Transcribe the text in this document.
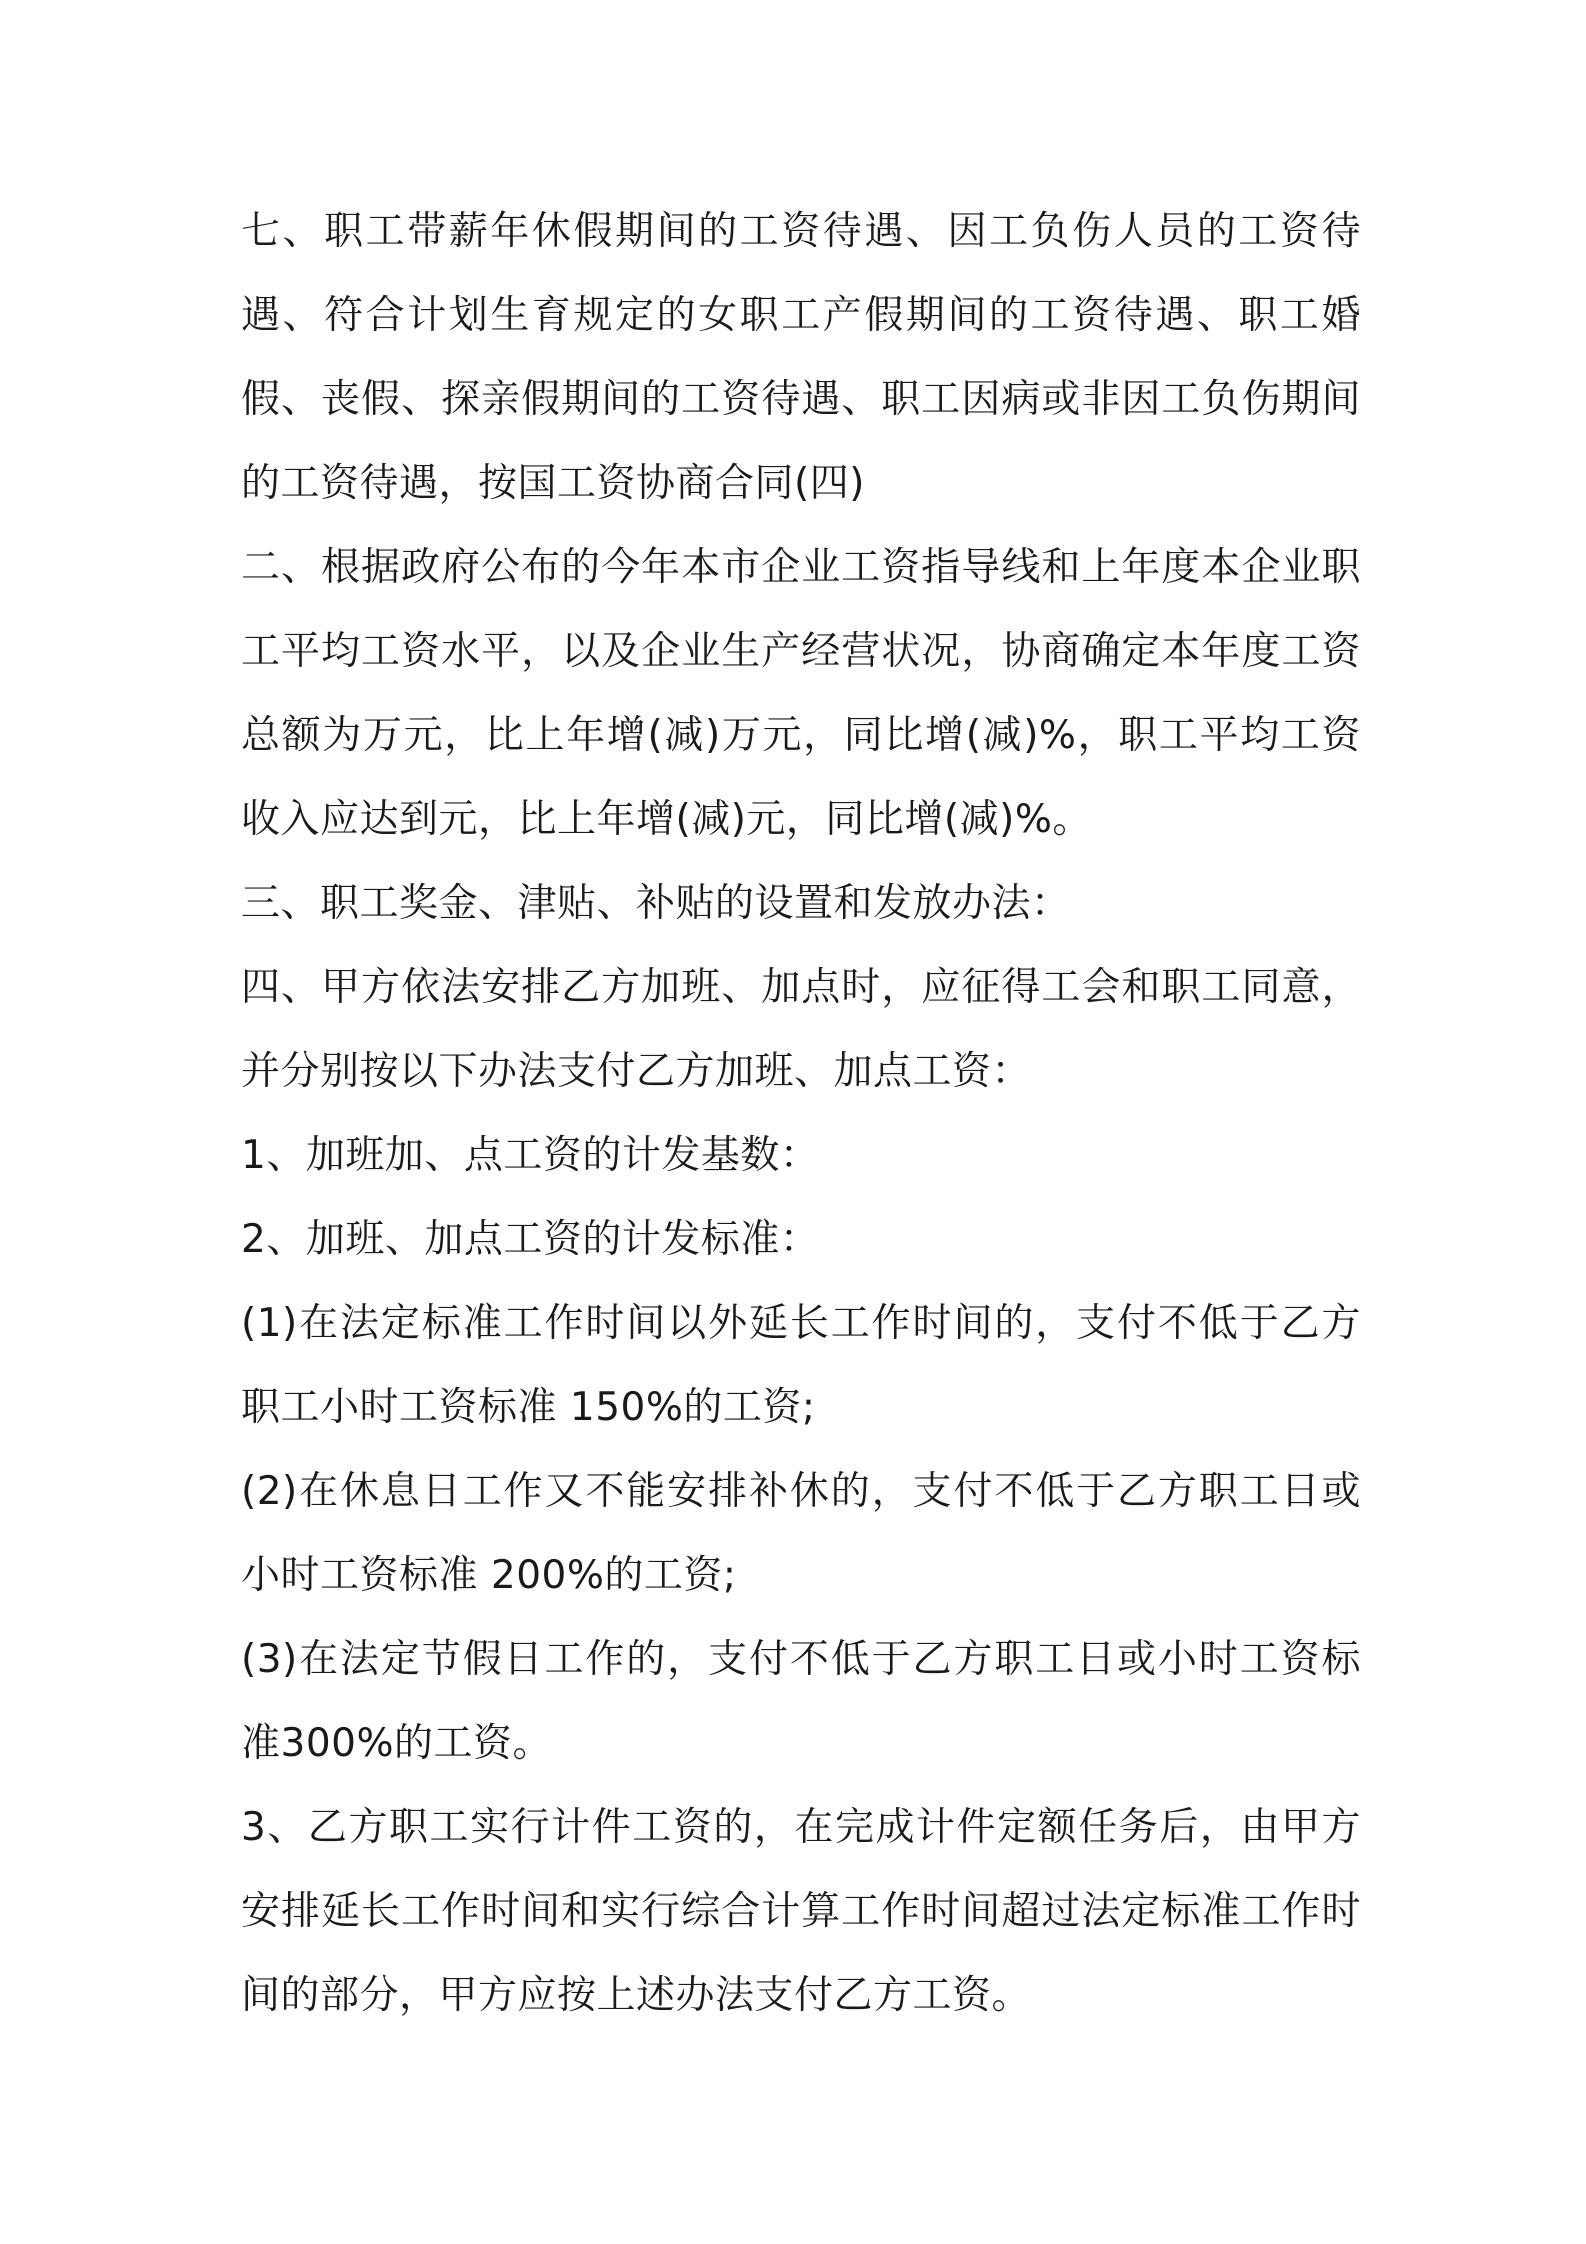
七、职工带薪年休假期间的工资待遇、因工负伤人员的工资待遇、符合计划生育规定的女职工产假期间的工资待遇、职工婚假、丧假、探亲假期间的工资待遇、职工因病或非因工负伤期间的工资待遇，按国工资协商合同(四)

二、根据政府公布的今年本市企业工资指导线和上年度本企业职工平均工资水平，以及企业生产经营状况，协商确定本年度工资总额为万元，比上年增(减)万元，同比增(减)%，职工平均工资收入应达到元，比上年增(减)元，同比增(减)%。

三、职工奖金、津贴、补贴的设置和发放办法：

四、甲方依法安排乙方加班、加点时，应征得工会和职工同意，并分别按以下办法支付乙方加班、加点工资：

1、加班加、点工资的计发基数：

2、加班、加点工资的计发标准：

(1)在法定标准工作时间以外延长工作时间的，支付不低于乙方职工小时工资标准 150%的工资;

(2)在休息日工作又不能安排补休的，支付不低于乙方职工日或小时工资标准 200%的工资;

(3)在法定节假日工作的，支付不低于乙方职工日或小时工资标准300%的工资。

3、乙方职工实行计件工资的，在完成计件定额任务后，由甲方安排延长工作时间和实行综合计算工作时间超过法定标准工作时间的部分，甲方应按上述办法支付乙方工资。
